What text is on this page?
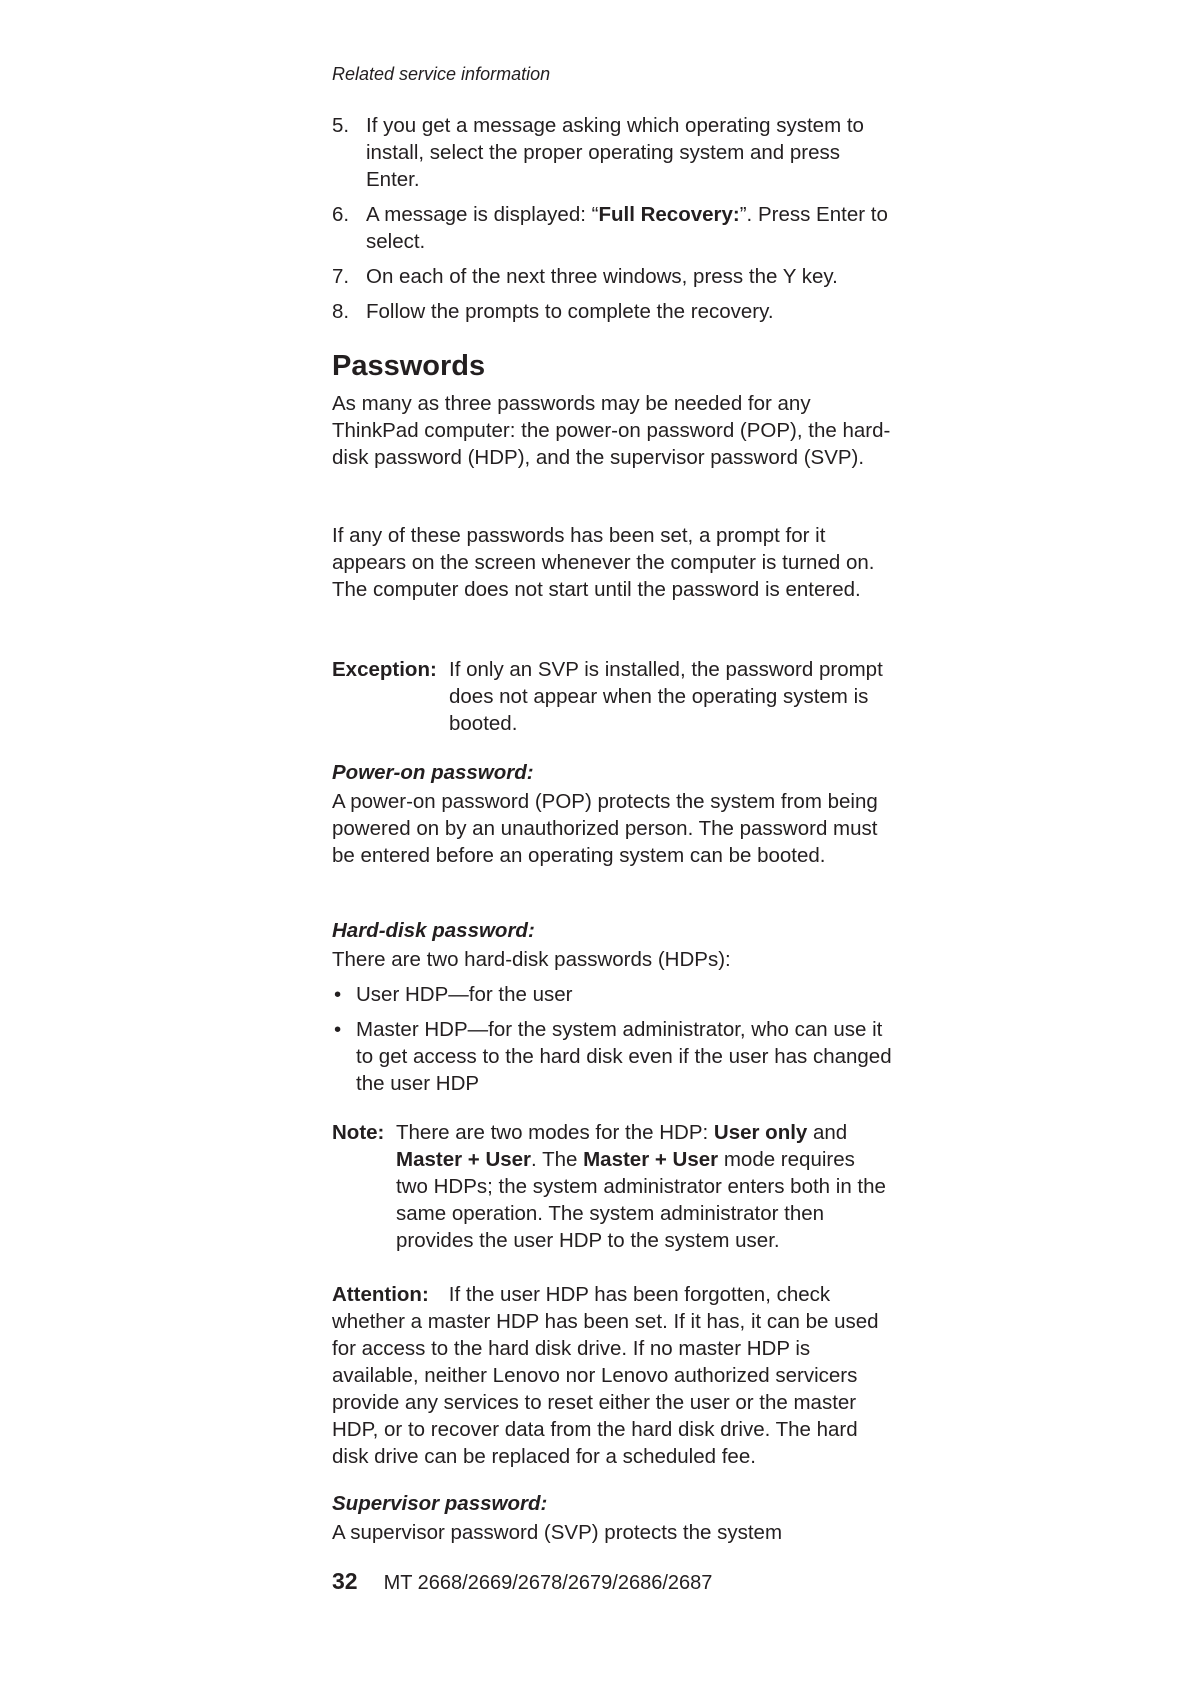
Related service information
5. If you get a message asking which operating system to install, select the proper operating system and press Enter.
6. A message is displayed: “Full Recovery:”. Press Enter to select.
7. On each of the next three windows, press the Y key.
8. Follow the prompts to complete the recovery.
Passwords

As many as three passwords may be needed for any ThinkPad computer: the power-on password (POP), the hard-disk password (HDP), and the supervisor password (SVP).

If any of these passwords has been set, a prompt for it appears on the screen whenever the computer is turned on. The computer does not start until the password is entered.

Exception: If only an SVP is installed, the password prompt does not appear when the operating system is booted.

Power-on password:

A power-on password (POP) protects the system from being powered on by an unauthorized person. The password must be entered before an operating system can be booted.

Hard-disk password:

There are two hard-disk passwords (HDPs):

• User HDP—for the user
• Master HDP—for the system administrator, who can use it to get access to the hard disk even if the user has changed the user HDP
Note: There are two modes for the HDP: User only and Master + User. The Master + User mode requires two HDPs; the system administrator enters both in the same operation. The system administrator then provides the user HDP to the system user.

Attention: If the user HDP has been forgotten, check whether a master HDP has been set. If it has, it can be used for access to the hard disk drive. If no master HDP is available, neither Lenovo nor Lenovo authorized servicers provide any services to reset either the user or the master HDP, or to recover data from the hard disk drive. The hard disk drive can be replaced for a scheduled fee.

Supervisor password:

A supervisor password (SVP) protects the system

32 MT 2668/2669/2678/2679/2686/2687
